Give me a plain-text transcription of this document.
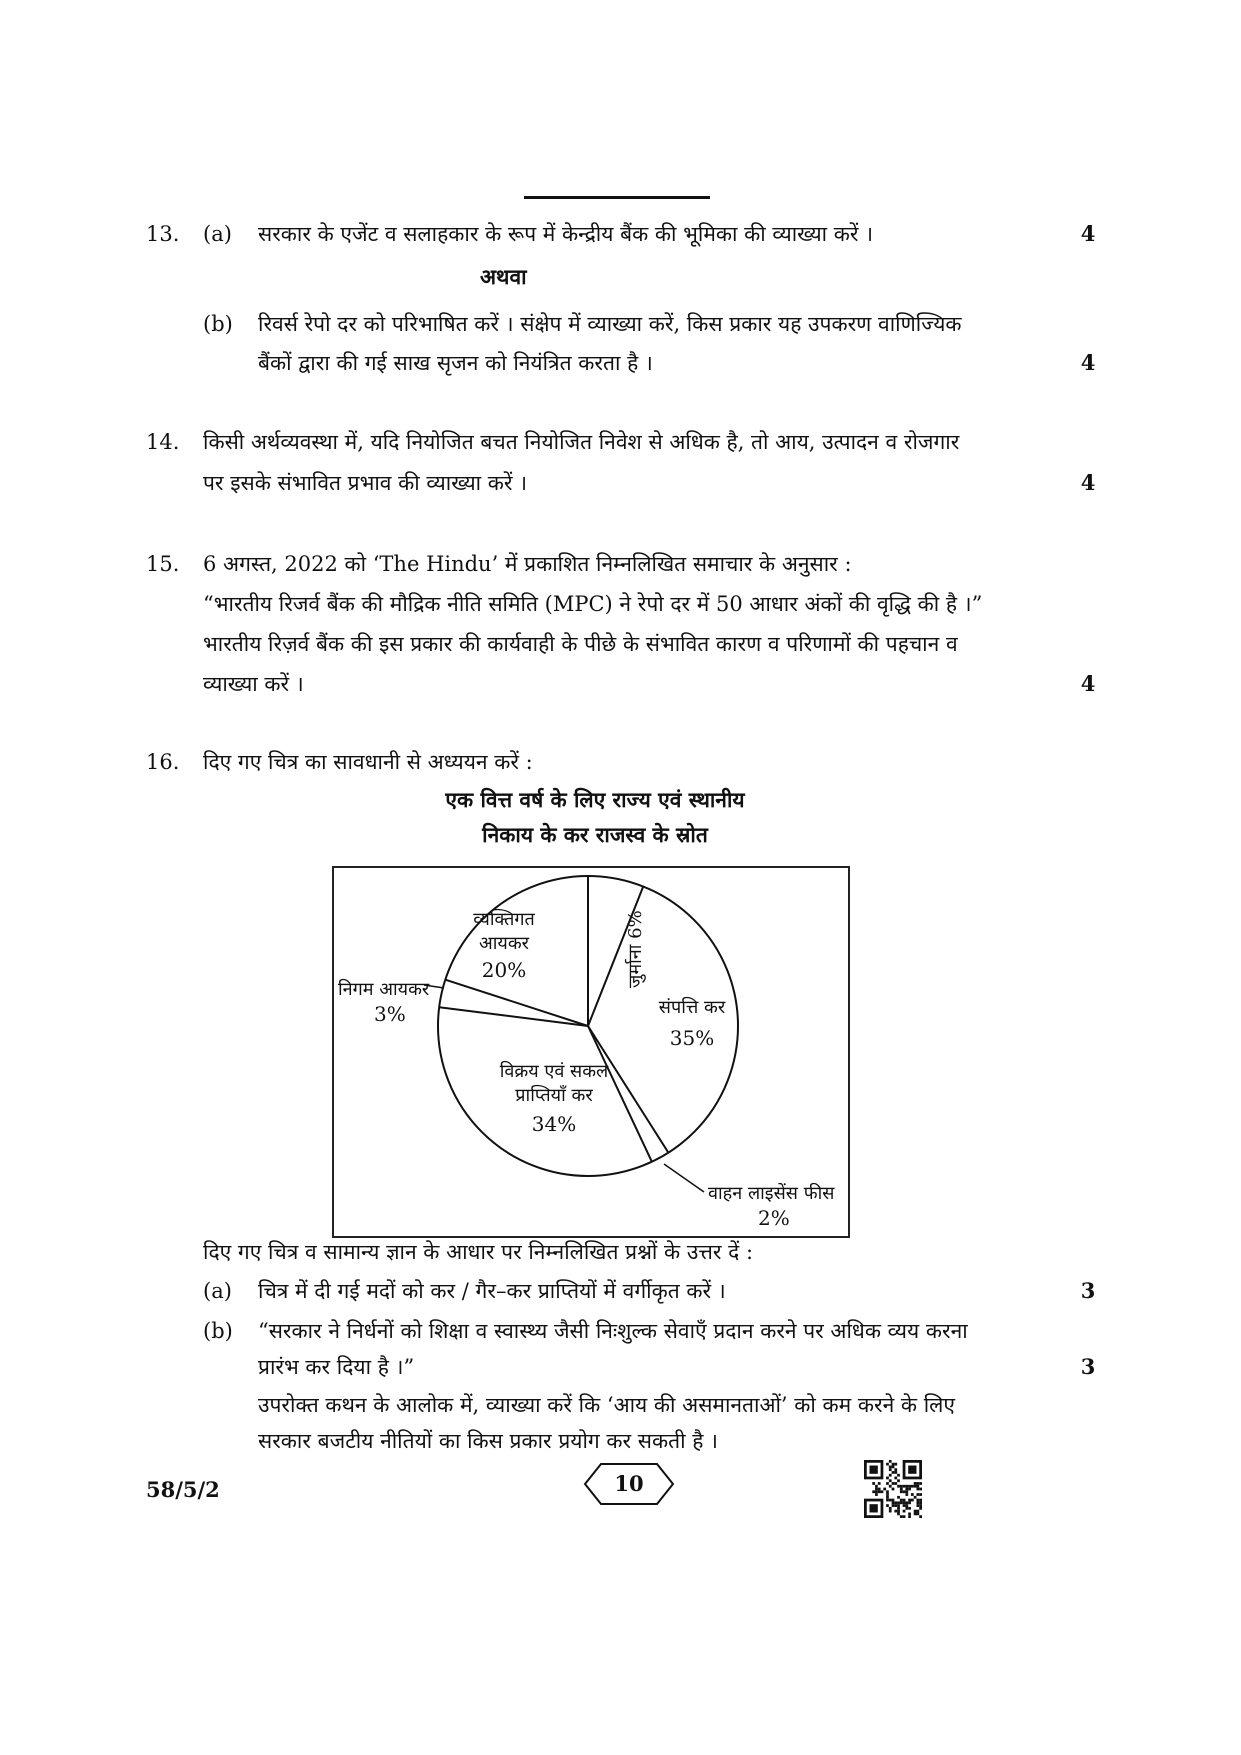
13.	(a)	सरकार के एजेंट व सलाहकार के रूप में केन्द्रीय बैंक की भूमिका की व्याख्या करें ।	4
अथवा
(b)	रिवर्स रेपो दर को परिभाषित करें । संक्षेप में व्याख्या करें, किस प्रकार यह उपकरण वाणिज्यिक
बैंकों द्वारा की गई साख सृजन को नियंत्रित करता है ।	4
14.	किसी अर्थव्यवस्था में, यदि नियोजित बचत नियोजित निवेश से अधिक है, तो आय, उत्पादन व रोजगार
पर इसके संभावित प्रभाव की व्याख्या करें ।	4
15.	6 अगस्त, 2022 को ‘The Hindu’ में प्रकाशित निम्नलिखित समाचार के अनुसार :
“भारतीय रिजर्व बैंक की मौद्रिक नीति समिति (MPC) ने रेपो दर में 50 आधार अंकों की वृद्धि की है ।”
भारतीय रिज़र्व बैंक की इस प्रकार की कार्यवाही के पीछे के संभावित कारण व परिणामों की पहचान व
व्याख्या करें ।	4
16.	दिए गए चित्र का सावधानी से अध्ययन करें :
एक वित्त वर्ष के लिए राज्य एवं स्थानीय
निकाय के कर राजस्व के स्रोत
जुर्माना 6%
संपत्ति कर
35%
व्यक्तिगत
आयकर
20%
निगम आयकर
3%
विक्रय एवं सकल
प्राप्तियाँ कर
34%
वाहन लाइसेंस फीस
2%
दिए गए चित्र व सामान्य ज्ञान के आधार पर निम्नलिखित प्रश्नों के उत्तर दें :
(a)	चित्र में दी गई मदों को कर / गैर–कर प्राप्तियों में वर्गीकृत करें ।	3
(b)	“सरकार ने निर्धनों को शिक्षा व स्वास्थ्य जैसी निःशुल्क सेवाएँ प्रदान करने पर अधिक व्यय करना
प्रारंभ कर दिया है ।”	3
उपरोक्त कथन के आलोक में, व्याख्या करें कि ‘आय की असमानताओं’ को कम करने के लिए
सरकार बजटीय नीतियों का किस प्रकार प्रयोग कर सकती है ।
58/5/2	10
